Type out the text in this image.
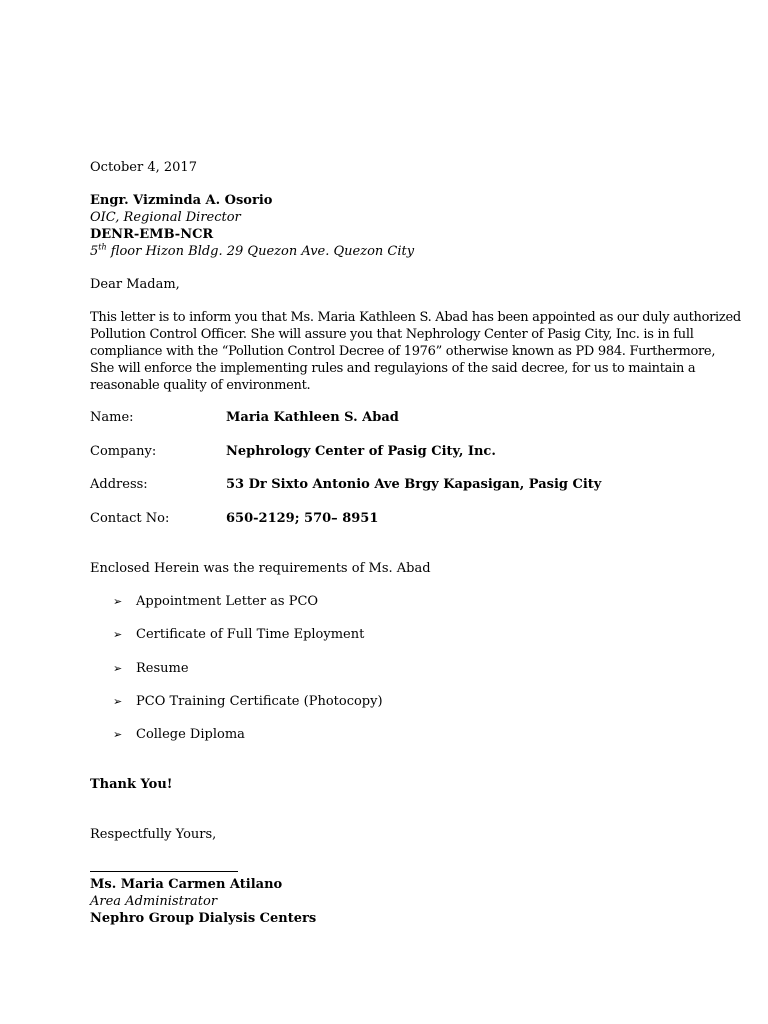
October 4, 2017
Engr. Vizminda A. Osorio
OIC, Regional Director
DENR-EMB-NCR
5th floor Hizon Bldg. 29 Quezon Ave. Quezon City
Dear Madam,
This letter is to inform you that Ms. Maria Kathleen S. Abad has been appointed as our duly authorized
Pollution Control Officer. She will assure you that Nephrology Center of Pasig City, Inc. is in full
compliance with the “Pollution Control Decree of 1976” otherwise known as PD 984. Furthermore,
She will enforce the implementing rules and regulayions of the said decree, for us to maintain a
reasonable quality of environment.
Name:	Maria Kathleen S. Abad
Company:	Nephrology Center of Pasig City, Inc.
Address:	53 Dr Sixto Antonio Ave Brgy Kapasigan, Pasig City
Contact No:	650-2129; 570– 8951
Enclosed Herein was the requirements of Ms. Abad
➢ Appointment Letter as PCO
➢ Certificate of Full Time Eployment
➢ Resume
➢ PCO Training Certificate (Photocopy)
➢ College Diploma
Thank You!
Respectfully Yours,
Ms. Maria Carmen Atilano
Area Administrator
Nephro Group Dialysis Centers
